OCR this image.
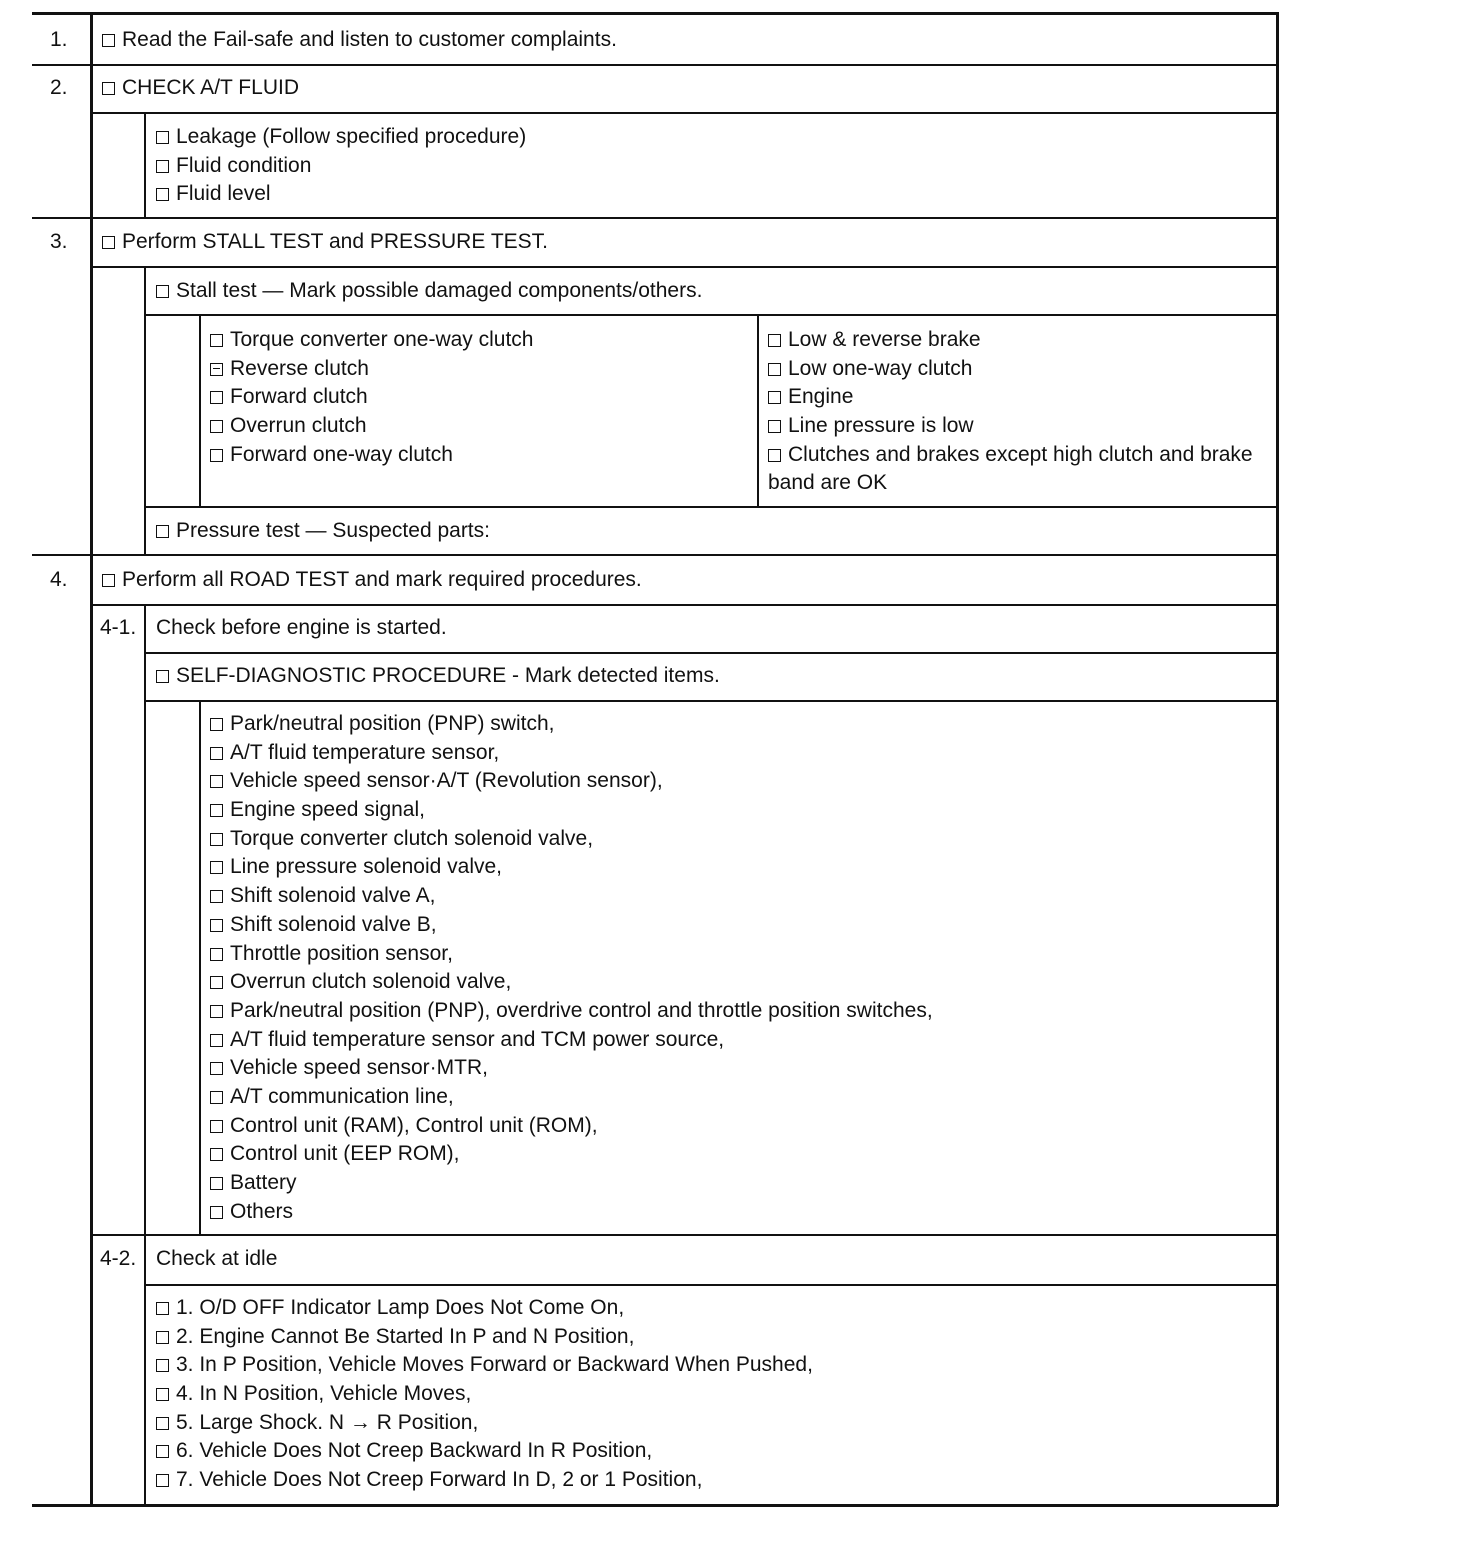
1.	Read the Fail-safe and listen to customer complaints.
2.	CHECK A/T FLUID
Leakage (Follow specified procedure)
Fluid condition
Fluid level
3.	Perform STALL TEST and PRESSURE TEST.
Stall test — Mark possible damaged components/others.
Torque converter one-way clutch
Reverse clutch
Forward clutch
Overrun clutch
Forward one-way clutch
Low & reverse brake
Low one-way clutch
Engine
Line pressure is low
Clutches and brakes except high clutch and brake band are OK
Pressure test — Suspected parts:
4.	Perform all ROAD TEST and mark required procedures.
4-1. Check before engine is started.
SELF-DIAGNOSTIC PROCEDURE - Mark detected items.
Park/neutral position (PNP) switch,
A/T fluid temperature sensor,
Vehicle speed sensor·A/T (Revolution sensor),
Engine speed signal,
Torque converter clutch solenoid valve,
Line pressure solenoid valve,
Shift solenoid valve A,
Shift solenoid valve B,
Throttle position sensor,
Overrun clutch solenoid valve,
Park/neutral position (PNP), overdrive control and throttle position switches,
A/T fluid temperature sensor and TCM power source,
Vehicle speed sensor·MTR,
A/T communication line,
Control unit (RAM), Control unit (ROM),
Control unit (EEP ROM),
Battery
Others
4-2. Check at idle
1. O/D OFF Indicator Lamp Does Not Come On,
2. Engine Cannot Be Started In P and N Position,
3. In P Position, Vehicle Moves Forward or Backward When Pushed,
4. In N Position, Vehicle Moves,
5. Large Shock. N → R Position,
6. Vehicle Does Not Creep Backward In R Position,
7. Vehicle Does Not Creep Forward In D, 2 or 1 Position,
